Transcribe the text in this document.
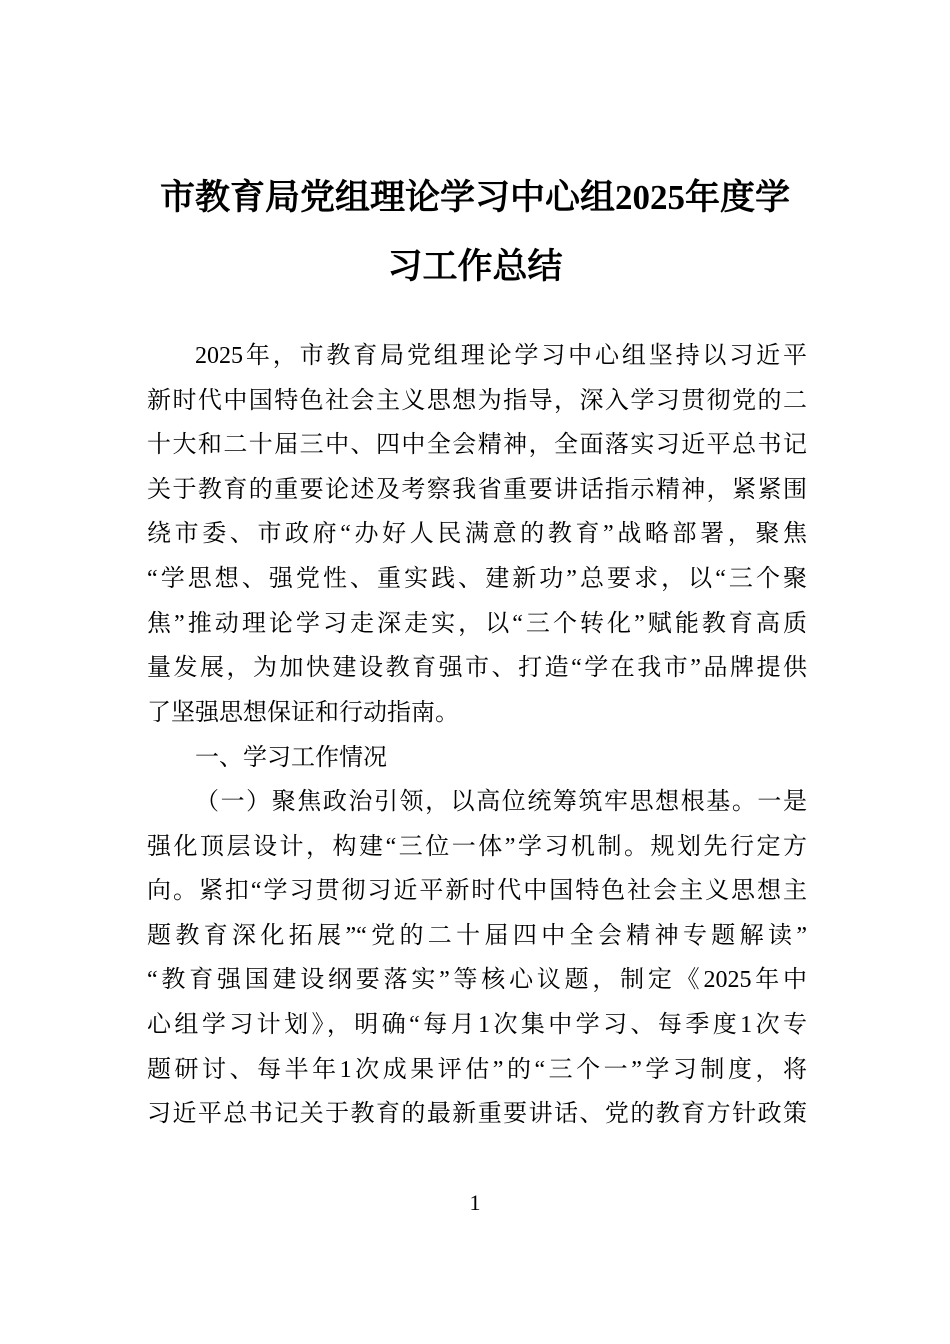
市教育局党组理论学习中心组2025年度学
习工作总结
2025年，市教育局党组理论学习中心组坚持以习近平
新时代中国特色社会主义思想为指导，深入学习贯彻党的二
十大和二十届三中、四中全会精神，全面落实习近平总书记
关于教育的重要论述及考察我省重要讲话指示精神，紧紧围
绕市委、市政府“办好人民满意的教育”战略部署，聚焦
“学思想、强党性、重实践、建新功”总要求，以“三个聚
焦”推动理论学习走深走实，以“三个转化”赋能教育高质
量发展，为加快建设教育强市、打造“学在我市”品牌提供
了坚强思想保证和行动指南。
一、学习工作情况
（一）聚焦政治引领，以高位统筹筑牢思想根基。一是
强化顶层设计，构建“三位一体”学习机制。规划先行定方
向。紧扣“学习贯彻习近平新时代中国特色社会主义思想主
题教育深化拓展”“党的二十届四中全会精神专题解读”
“教育强国建设纲要落实”等核心议题，制定《2025年中
心组学习计划》，明确“每月1次集中学习、每季度1次专
题研讨、每半年1次成果评估”的“三个一”学习制度，将
习近平总书记关于教育的最新重要讲话、党的教育方针政策
1
